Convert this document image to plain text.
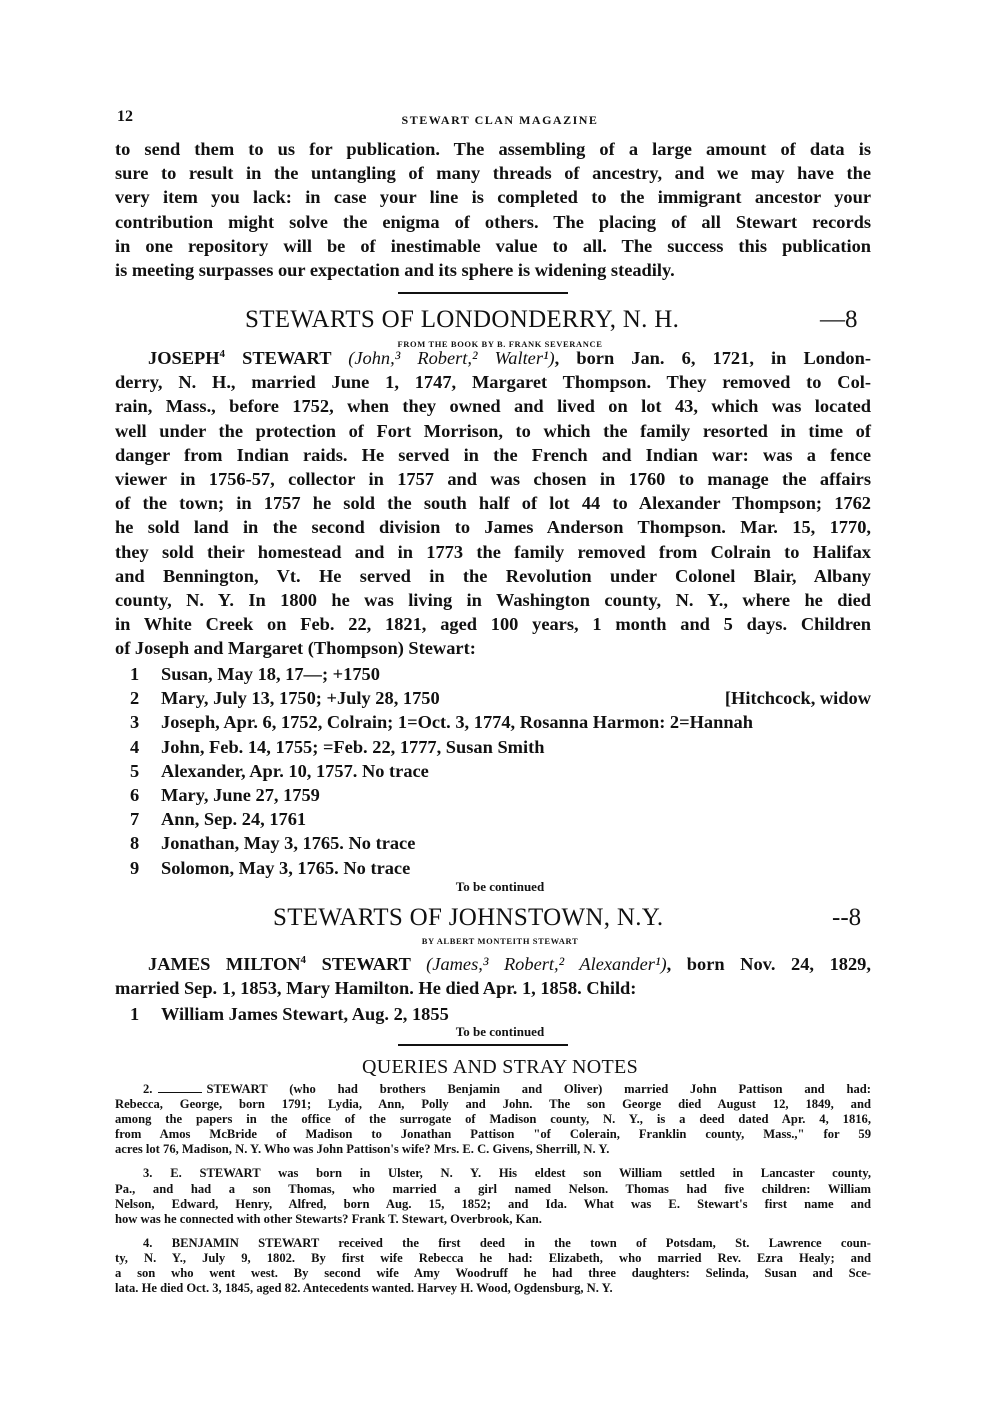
12	STEWART CLAN MAGAZINE
to send them to us for publication. The assembling of a large amount of data is
sure to result in the untangling of many threads of ancestry, and we may have the
very item you lack: in case your line is completed to the immigrant ancestor your
contribution might solve the enigma of others. The placing of all Stewart records
in one repository will be of inestimable value to all. The success this publication
is meeting surpasses our expectation and its sphere is widening steadily.
STEWARTS OF LONDONDERRY, N. H.	—8
FROM THE BOOK BY B. FRANK SEVERANCE
JOSEPH$^4$ STEWART (John,³ Robert,² Walter¹), born Jan. 6, 1721, in London-
derry, N. H., married June 1, 1747, Margaret Thompson. They removed to Col-
rain, Mass., before 1752, when they owned and lived on lot 43, which was located
well under the protection of Fort Morrison, to which the family resorted in time of
danger from Indian raids. He served in the French and Indian war: was a fence
viewer in 1756-57, collector in 1757 and was chosen in 1760 to manage the affairs
of the town; in 1757 he sold the south half of lot 44 to Alexander Thompson; 1762
he sold land in the second division to James Anderson Thompson. Mar. 15, 1770,
they sold their homestead and in 1773 the family removed from Colrain to Halifax
and Bennington, Vt. He served in the Revolution under Colonel Blair, Albany
county, N. Y. In 1800 he was living in Washington county, N. Y., where he died
in White Creek on Feb. 22, 1821, aged 100 years, 1 month and 5 days. Children
of Joseph and Margaret (Thompson) Stewart:
1 Susan, May 18, 17—; +1750
2 Mary, July 13, 1750; +July 28, 1750	[Hitchcock, widow
3 Joseph, Apr. 6, 1752, Colrain; 1=Oct. 3, 1774, Rosanna Harmon: 2=Hannah
4 John, Feb. 14, 1755; =Feb. 22, 1777, Susan Smith
5 Alexander, Apr. 10, 1757. No trace
6 Mary, June 27, 1759
7 Ann, Sep. 24, 1761
8 Jonathan, May 3, 1765. No trace
9 Solomon, May 3, 1765. No trace
To be continued
STEWARTS OF JOHNSTOWN, N.Y.	--8
BY ALBERT MONTEITH STEWART
JAMES MILTON$^4$ STEWART (James,³ Robert,² Alexander¹), born Nov. 24, 1829,
married Sep. 1, 1853, Mary Hamilton. He died Apr. 1, 1858. Child:
1 William James Stewart, Aug. 2, 1855
To be continued
QUERIES AND STRAY NOTES
2.	STEWART (who had brothers Benjamin and Oliver) married John Pattison and had:
Rebecca, George, born 1791; Lydia, Ann, Polly and John. The son George died August 12, 1849, and
among the papers in the office of the surrogate of Madison county, N. Y., is a deed dated Apr. 4, 1816,
from Amos McBride of Madison to Jonathan Pattison "of Colerain, Franklin county, Mass.," for 59
acres lot 76, Madison, N. Y. Who was John Pattison's wife? Mrs. E. C. Givens, Sherrill, N. Y.
3. E. STEWART was born in Ulster, N. Y. His eldest son William settled in Lancaster county,
Pa., and had a son Thomas, who married a girl named Nelson. Thomas had five children: William
Nelson, Edward, Henry, Alfred, born Aug. 15, 1852; and Ida. What was E. Stewart's first name and
how was he connected with other Stewarts? Frank T. Stewart, Overbrook, Kan.
4. BENJAMIN STEWART received the first deed in the town of Potsdam, St. Lawrence coun-
ty, N. Y., July 9, 1802. By first wife Rebecca he had: Elizabeth, who married Rev. Ezra Healy; and
a son who went west. By second wife Amy Woodruff he had three daughters: Selinda, Susan and Sce-
lata. He died Oct. 3, 1845, aged 82. Antecedents wanted. Harvey H. Wood, Ogdensburg, N. Y.
